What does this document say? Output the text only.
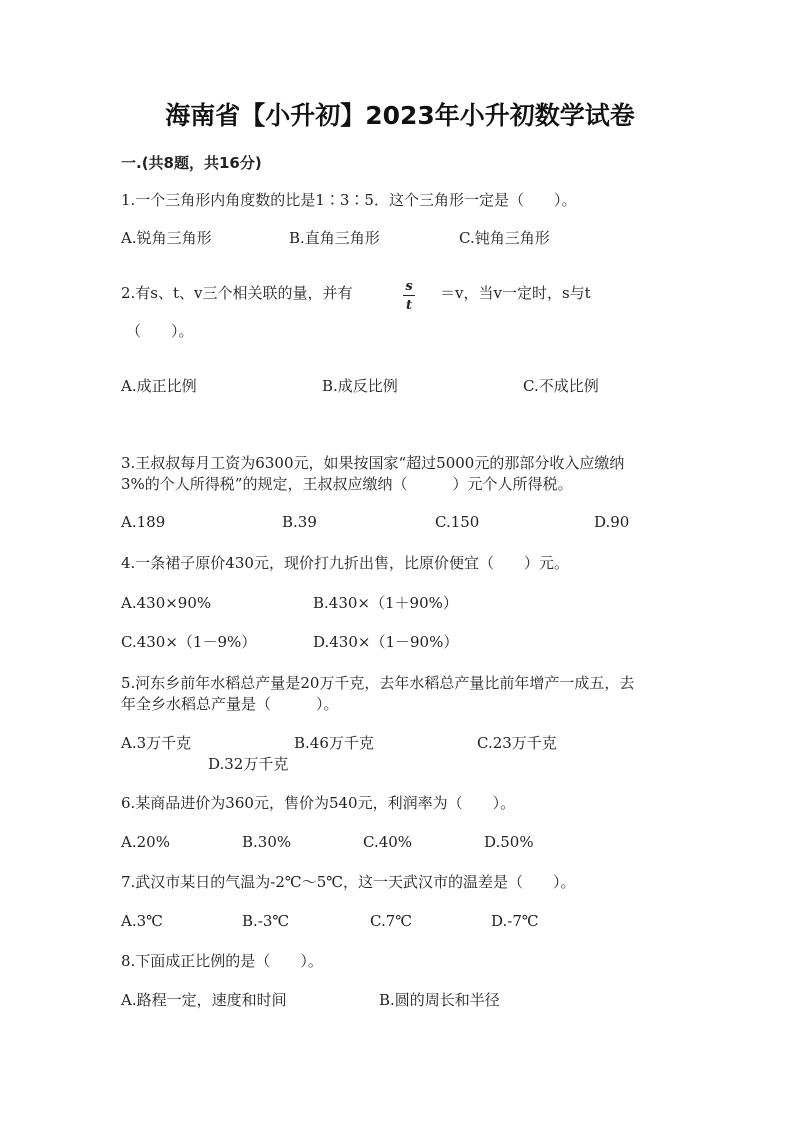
海南省【小升初】2023年小升初数学试卷
一.(共8题，共16分)
1.一个三角形内角度数的比是1∶3∶5．这个三角形一定是（　　）。
A.锐角三角形	B.直角三角形	C.钝角三角形
2.有s、t、v三个相关联的量，并有	s
t
＝v，当v一定时，s与t
（　　）。
A.成正比例	B.成反比例	C.不成比例
3.王叔叔每月工资为6300元，如果按国家“超过5000元的那部分收入应缴纳
3%的个人所得税”的规定，王叔叔应缴纳（　　　）元个人所得税。
A.189	B.39	C.150	D.90
4.一条裙子原价430元，现价打九折出售，比原价便宜（　　）元。
A.430×90%	B.430×（1＋90%）
C.430×（1－9%）	D.430×（1－90%）
5.河东乡前年水稻总产量是20万千克，去年水稻总产量比前年增产一成五，去
年全乡水稻总产量是（　　　）。
A.3万千克	B.46万千克	C.23万千克
D.32万千克
6.某商品进价为360元，售价为540元，利润率为（　　）。
A.20%	B.30%	C.40%	D.50%
7.武汉市某日的气温为-2℃～5℃，这一天武汉市的温差是（　　）。
A.3℃	B.-3℃	C.7℃	D.-7℃
8.下面成正比例的是（　　）。
A.路程一定，速度和时间	B.圆的周长和半径
